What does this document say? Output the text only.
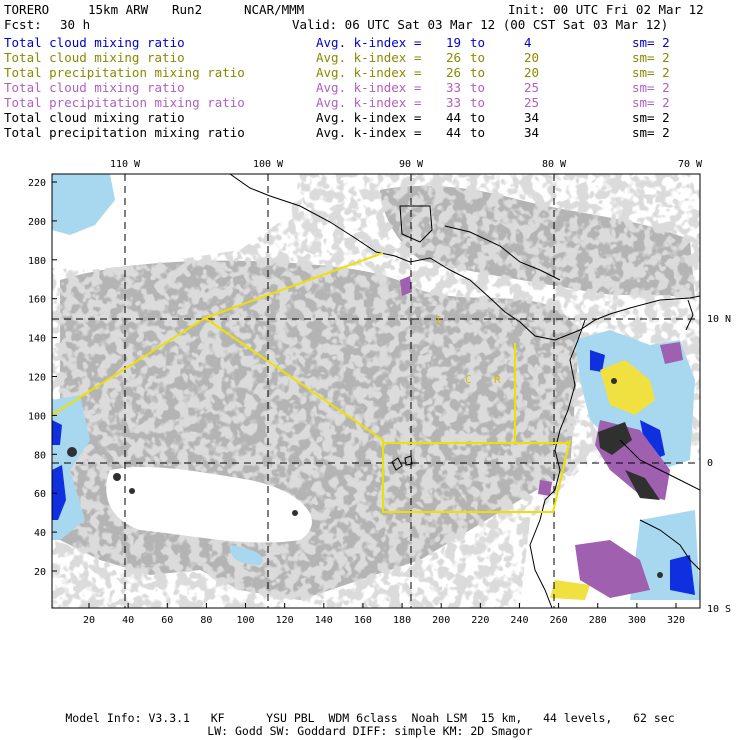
TORERO	15km ARW Run2	NCAR/MMM	Init: 00 UTC Fri 02 Mar 12
Fcst: 30 h	Valid: 06 UTC Sat 03 Mar 12 (00 CST Sat 03 Mar 12)
Total cloud mixing ratio	Avg. k-index = 19 to	4	sm= 2
Total cloud mixing ratio	Avg. k-index = 26 to	20	sm= 2
Total precipitation mixing ratio	Avg. k-index = 26 to	20	sm= 2
Total cloud mixing ratio	Avg. k-index = 33 to	25	sm= 2
Total precipitation mixing ratio	Avg. k-index = 33 to	25	sm= 2
Total cloud mixing ratio	Avg. k-index = 44 to	34	sm= 2
Total precipitation mixing ratio	Avg. k-index = 44 to	34	sm= 2
I
C R
110 W	100 W	90 W	80 W	70 W
10 N
0
10 S
20
40
60
80
100
120
140
160
180
200
220
20	40	60	80 100 120 140 160 180 200 220 240 260 280 300 320
Model Info: V3.3.1   KF      YSU PBL  WDM 6class  Noah LSM  15 km,   44 levels,   62 sec
LW: Godd SW: Goddard DIFF: simple KM: 2D Smagor
